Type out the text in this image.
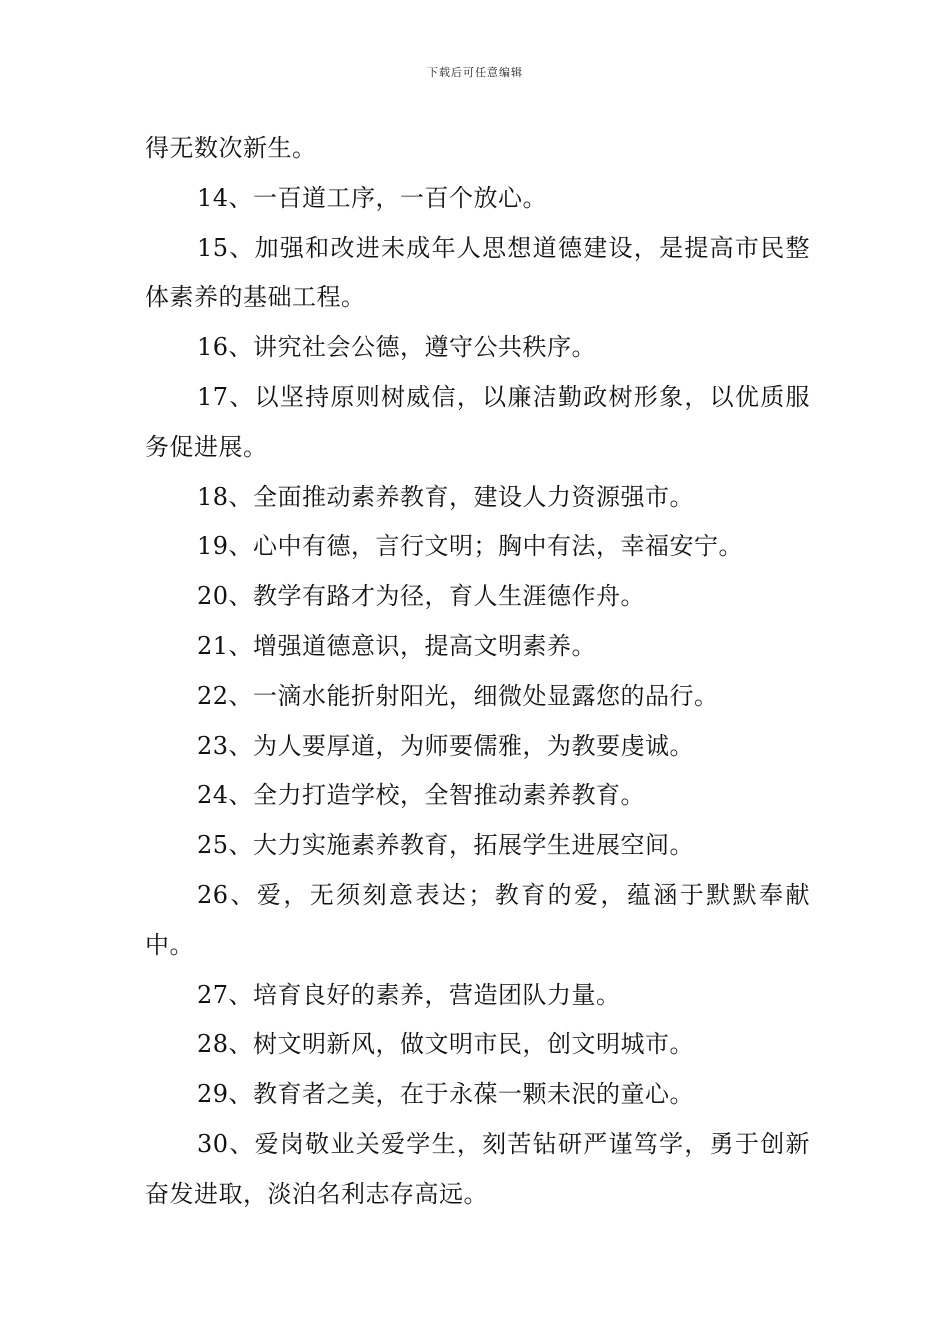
下载后可任意编辑

得无数次新生。

14、一百道工序，一百个放心。

15、加强和改进未成年人思想道德建设，是提高市民整体素养的基础工程。

16、讲究社会公德，遵守公共秩序。

17、以坚持原则树威信，以廉洁勤政树形象，以优质服务促进展。

18、全面推动素养教育，建设人力资源强市。

19、心中有德，言行文明；胸中有法，幸福安宁。

20、教学有路才为径，育人生涯德作舟。

21、增强道德意识，提高文明素养。

22、一滴水能折射阳光，细微处显露您的品行。

23、为人要厚道，为师要儒雅，为教要虔诚。

24、全力打造学校，全智推动素养教育。

25、大力实施素养教育，拓展学生进展空间。

26、爱，无须刻意表达；教育的爱，蕴涵于默默奉献中。

27、培育良好的素养，营造团队力量。

28、树文明新风，做文明市民，创文明城市。

29、教育者之美，在于永葆一颗未泯的童心。

30、爱岗敬业关爱学生，刻苦钻研严谨笃学，勇于创新奋发进取，淡泊名利志存高远。
